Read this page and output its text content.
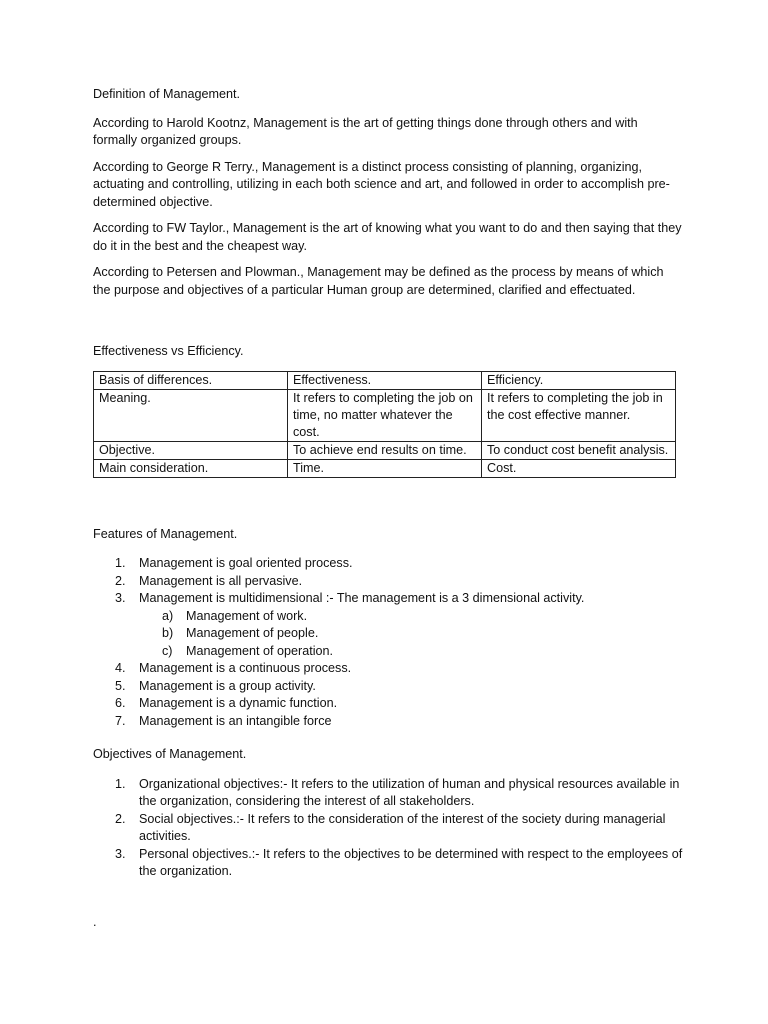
Definition of Management.

According to Harold Kootnz, Management is the art of getting things done through others and with formally organized groups.

According to George R Terry., Management is a distinct process consisting of planning, organizing, actuating and controlling, utilizing in each both science and art, and followed in order to accomplish pre-determined objective.

According to FW Taylor., Management is the art of knowing what you want to do and then saying that they do it in the best and the cheapest way.

According to Petersen and Plowman., Management may be defined as the process by means of which the purpose and objectives of a particular Human group are determined, clarified and effectuated.

Effectiveness vs Efficiency.

Basis of differences.	Effectiveness.	Efficiency.
Meaning.	It refers to completing the job on time, no matter whatever the cost.	It refers to completing the job in the cost effective manner.
Objective.	To achieve end results on time.	To conduct cost benefit analysis.
Main consideration.	Time.	Cost.

Features of Management.

1. Management is goal oriented process.
2. Management is all pervasive.
3. Management is multidimensional :- The management is a 3 dimensional activity.
a) Management of work.
b) Management of people.
c) Management of operation.
4. Management is a continuous process.
5. Management is a group activity.
6. Management is a dynamic function.
7. Management is an intangible force

Objectives of Management.

1. Organizational objectives:- It refers to the utilization of human and physical resources available in the organization, considering the interest of all stakeholders.
2. Social objectives.:- It refers to the consideration of the interest of the society during managerial activities.
3. Personal objectives.:- It refers to the objectives to be determined with respect to the employees of the organization.
.
